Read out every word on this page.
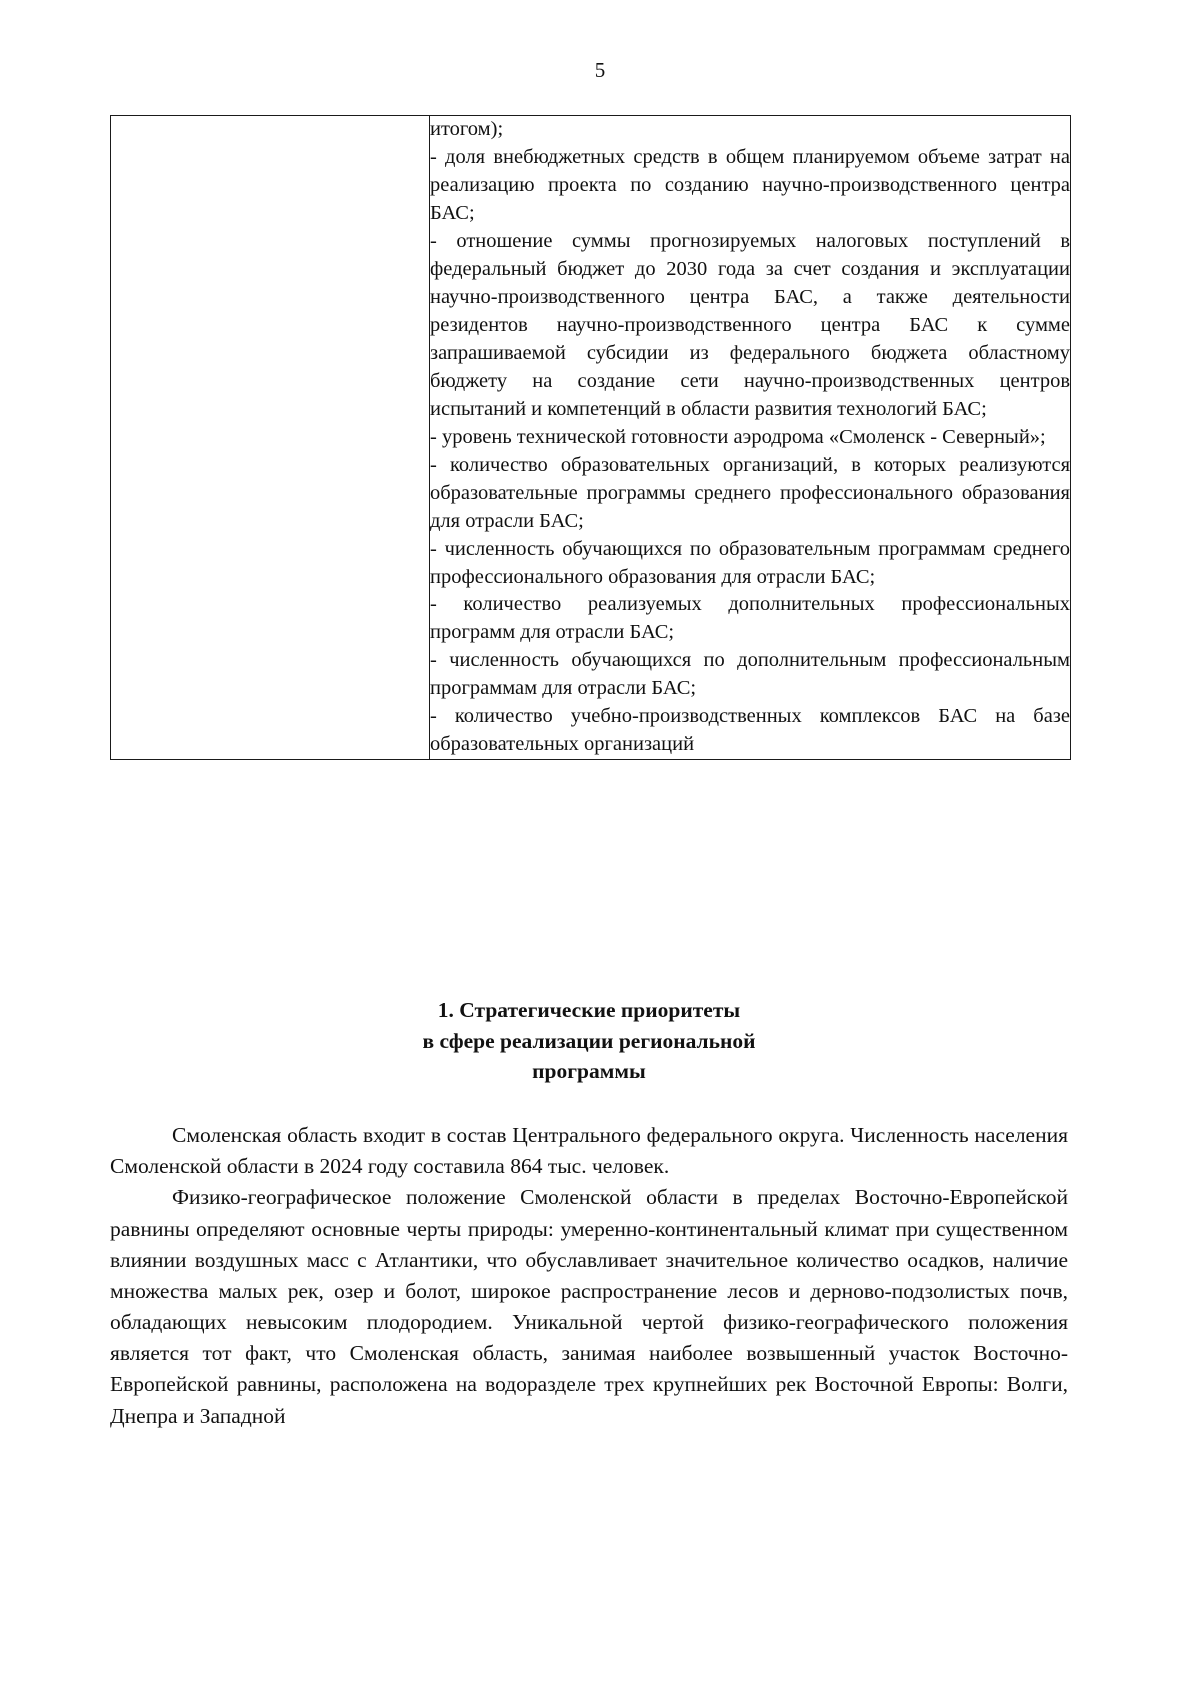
5

итогом);

- доля внебюджетных средств в общем планируемом объеме затрат на реализацию проекта по созданию научно-производственного центра БАС;

- отношение суммы прогнозируемых налоговых поступлений в федеральный бюджет до 2030 года за счет создания и эксплуатации научно-производственного центра БАС, а также деятельности резидентов научно-производственного центра БАС к сумме запрашиваемой субсидии из федерального бюджета областному бюджету на создание сети научно-производственных центров испытаний и компетенций в области развития технологий БАС;

- уровень технической готовности аэродрома «Смоленск - Северный»;

- количество образовательных организаций, в которых реализуются образовательные программы среднего профессионального образования для отрасли БАС;

- численность обучающихся по образовательным программам среднего профессионального образования для отрасли БАС;

- количество реализуемых дополнительных профессиональных программ для отрасли БАС;

- численность обучающихся по дополнительным профессиональным программам для отрасли БАС;

- количество учебно-производственных комплексов БАС на базе образовательных организаций

1. Стратегические приоритеты
в сфере реализации региональной
программы

Смоленская область входит в состав Центрального федерального округа. Численность населения Смоленской области в 2024 году составила 864 тыс. человек.

Физико-географическое положение Смоленской области в пределах Восточно-Европейской равнины определяют основные черты природы: умеренно-континентальный климат при существенном влиянии воздушных масс с Атлантики, что обуславливает значительное количество осадков, наличие множества малых рек, озер и болот, широкое распространение лесов и дерново-подзолистых почв, обладающих невысоким плодородием. Уникальной чертой физико-географического положения является тот факт, что Смоленская область, занимая наиболее возвышенный участок Восточно-Европейской равнины, расположена на водоразделе трех крупнейших рек Восточной Европы: Волги, Днепра и Западной
